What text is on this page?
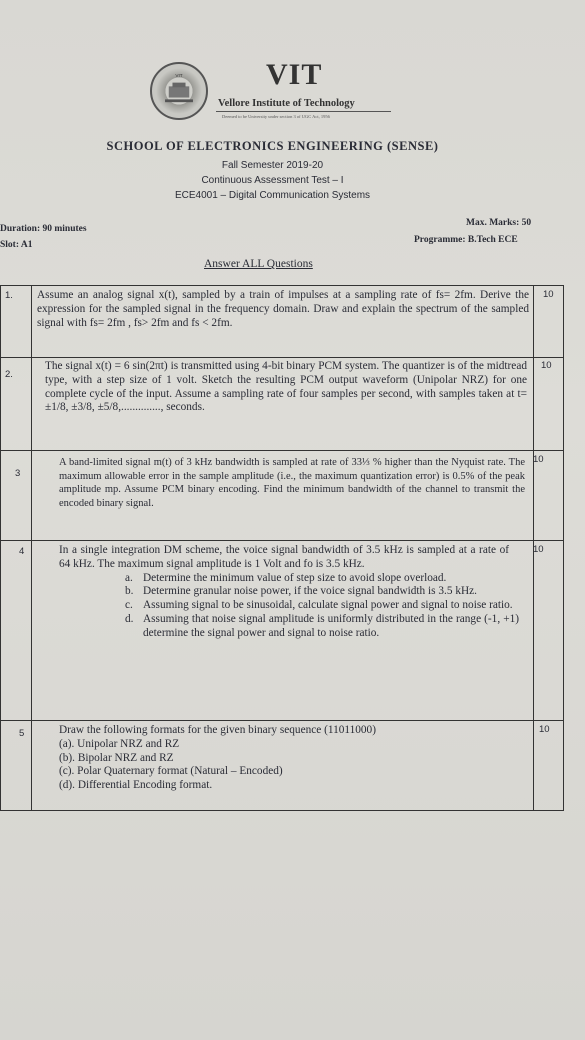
VIT	VIT
Vellore Institute of Technology
Deemed to be University under section 3 of UGC Act, 1956
SCHOOL OF ELECTRONICS ENGINEERING (SENSE)
Fall Semester 2019-20
Continuous Assessment Test – I
ECE4001 – Digital Communication Systems
Duration: 90 minutes
Slot: A1
Max. Marks: 50
Programme: B.Tech ECE
Answer ALL Questions
1. Assume an analog signal x(t), sampled by a train of impulses at a sampling rate of fs= 2fm. Derive the expression for the sampled signal in the frequency domain. Draw and explain the spectrum of the sampled signal with fs= 2fm , fs> 2fm and fs < 2fm.
10
2.
The signal x(t) = 6 sin(2πt) is transmitted using 4-bit binary PCM system. The quantizer is of the midtread type, with a step size of 1 volt. Sketch the resulting PCM output waveform (Unipolar NRZ) for one complete cycle of the input. Assume a sampling rate of four samples per second, with samples taken at t= ±1/8, ±3/8, ±5/8,.............., seconds.
10
3
A band-limited signal m(t) of 3 kHz bandwidth is sampled at rate of 33⅓ % higher than the Nyquist rate. The maximum allowable error in the sample amplitude (i.e., the maximum quantization error) is 0.5% of the peak amplitude mp. Assume PCM binary encoding. Find the minimum bandwidth of the channel to transmit the encoded binary signal.
10
4	In a single integration DM scheme, the voice signal bandwidth of 3.5 kHz is sampled at a rate of 64 kHz. The maximum signal amplitude is 1 Volt and fo is 3.5 kHz.
a. Determine the minimum value of step size to avoid slope overload.
b. Determine granular noise power, if the voice signal bandwidth is 3.5 kHz.
c. Assuming signal to be sinusoidal, calculate signal power and signal to noise ratio.
d. Assuming that noise signal amplitude is uniformly distributed in the range (-1, +1) determine the signal power and signal to noise ratio.
10
5	Draw the following formats for the given binary sequence (11011000)
(a). Unipolar NRZ and RZ
(b). Bipolar NRZ and RZ
(c). Polar Quaternary format (Natural – Encoded)
(d). Differential Encoding format.
10
